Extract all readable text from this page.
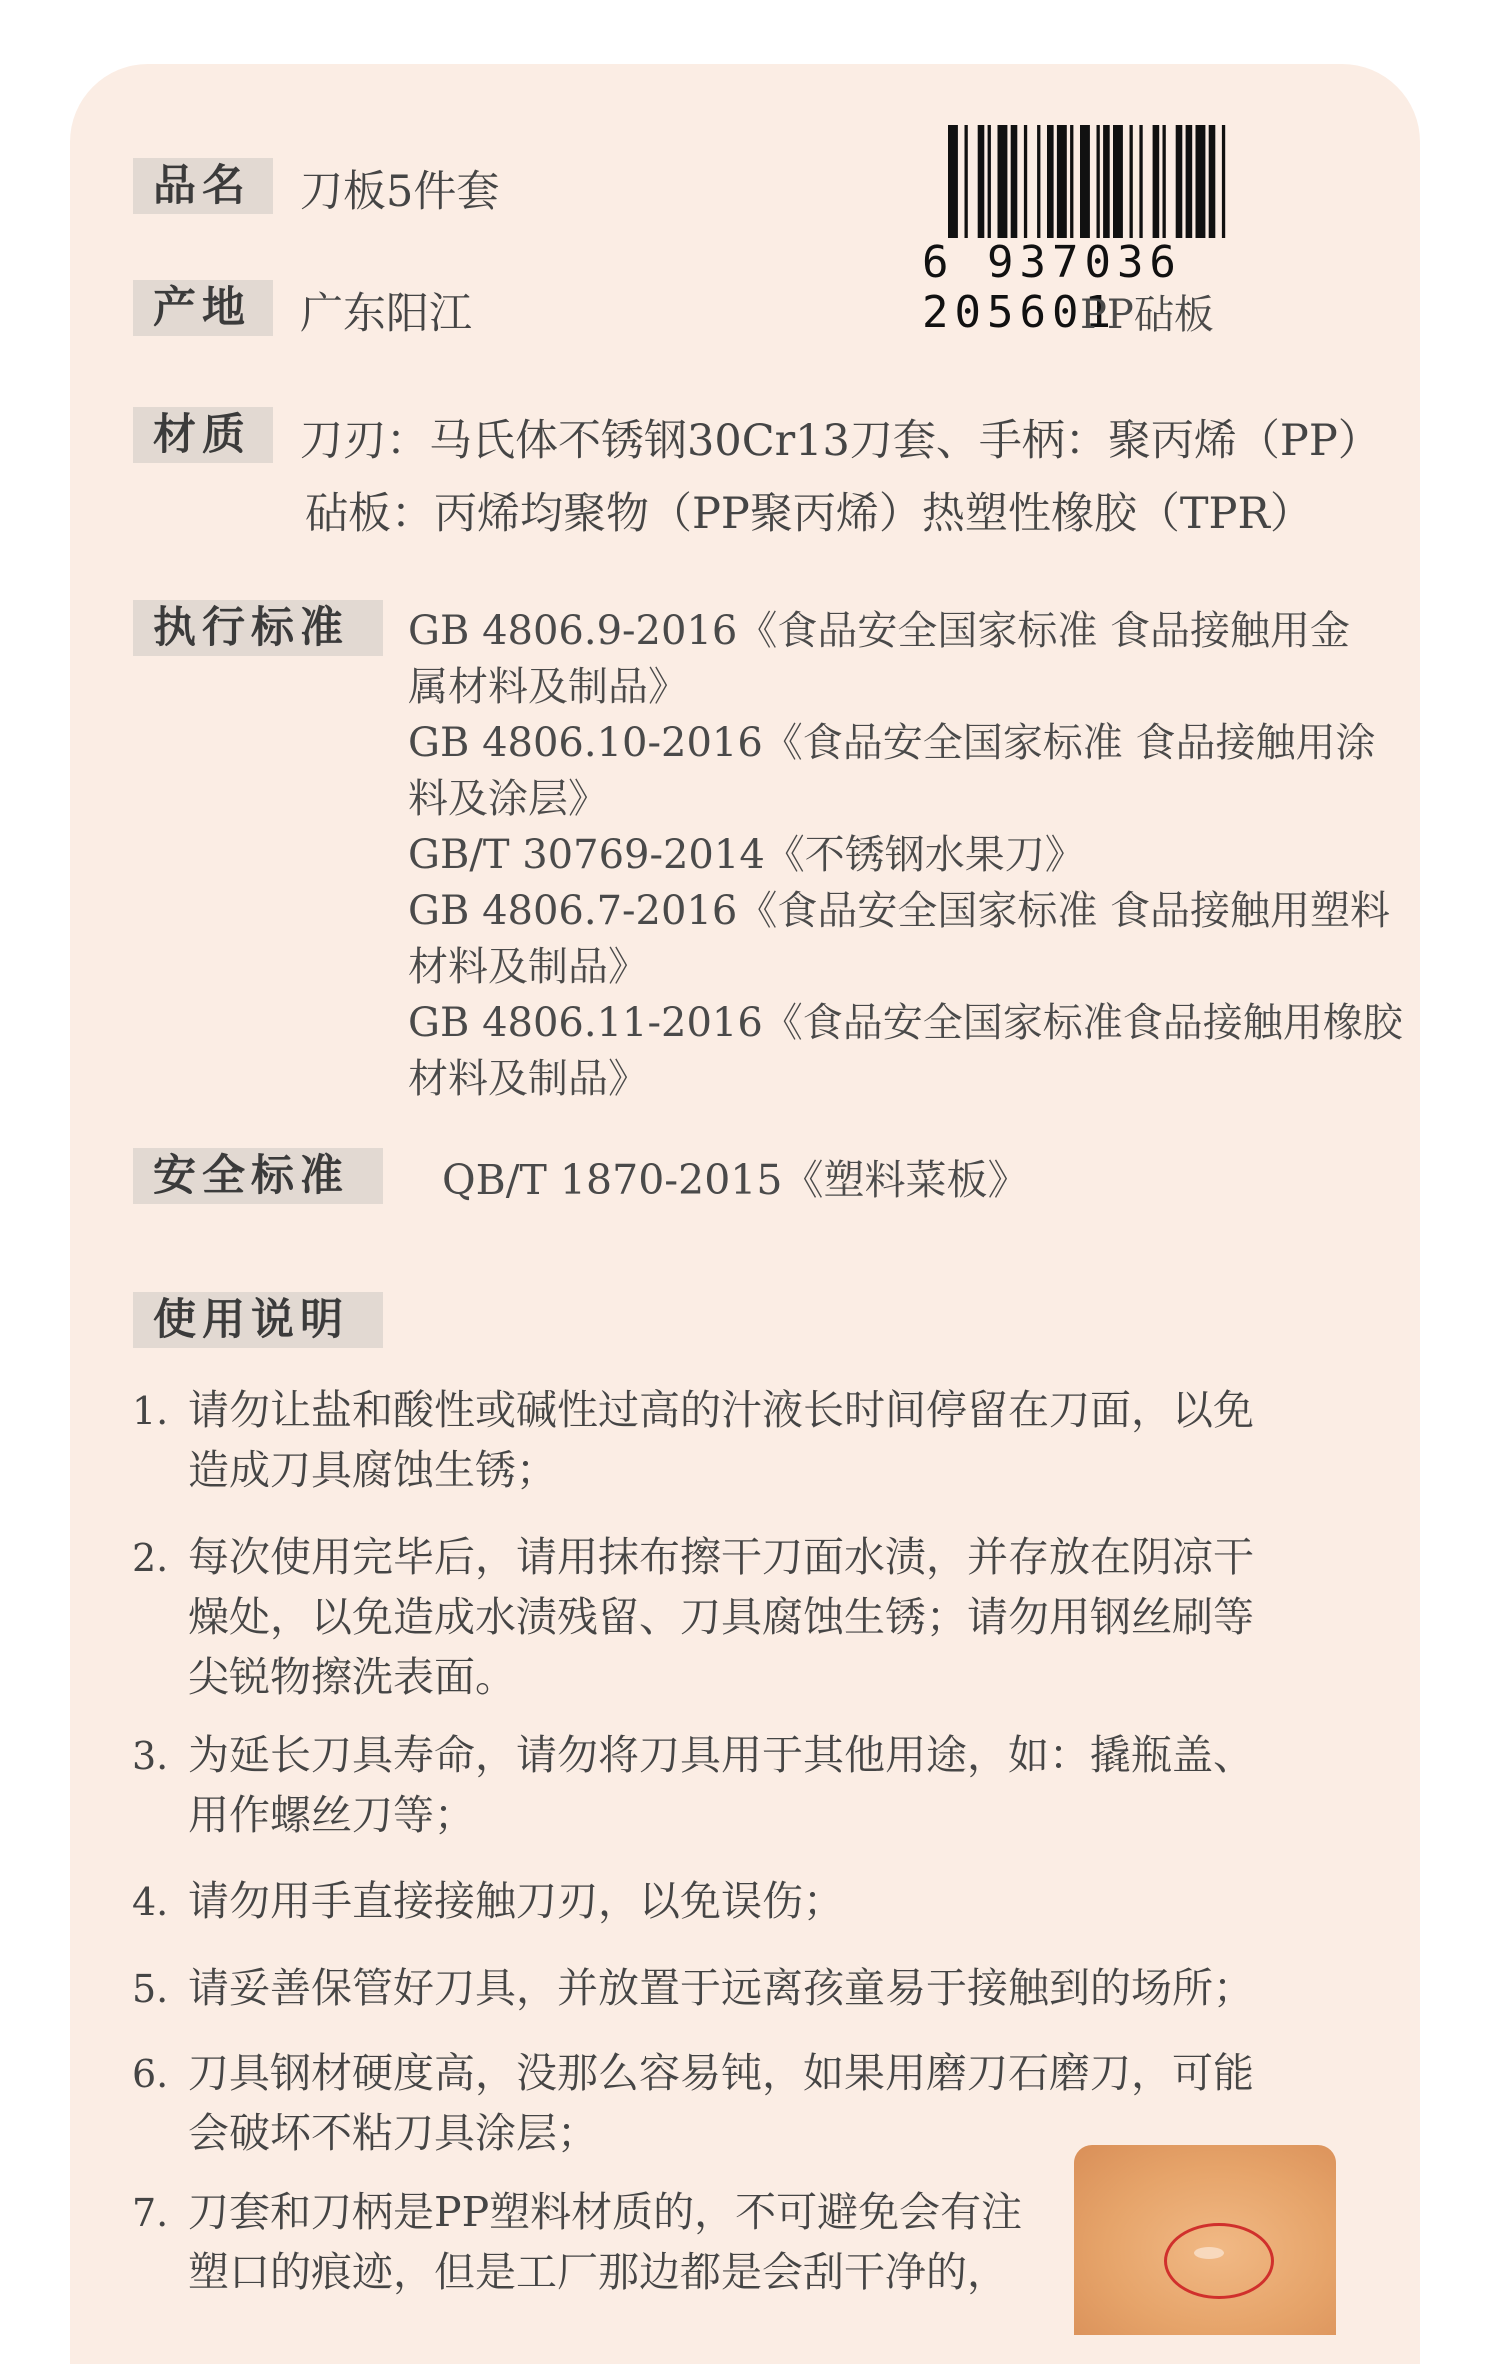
品名	刀板5件套
产地	广东阳江
6 937036 205601
PP砧板
材质	刀刃：马氏体不锈钢30Cr13刀套、手柄：聚丙烯（PP）
砧板：丙烯均聚物（PP聚丙烯）热塑性橡胶（TPR）
执行标准	GB 4806.9-2016《食品安全国家标准 食品接触用金
属材料及制品》
GB 4806.10-2016《食品安全国家标准 食品接触用涂
料及涂层》
GB/T 30769-2014《不锈钢水果刀》
GB 4806.7-2016《食品安全国家标准 食品接触用塑料
材料及制品》
GB 4806.11-2016《食品安全国家标准食品接触用橡胶
材料及制品》
安全标准	QB/T 1870-2015《塑料菜板》
使用说明
1. 请勿让盐和酸性或碱性过高的汁液长时间停留在刀面，以免
造成刀具腐蚀生锈；
2. 每次使用完毕后，请用抹布擦干刀面水渍，并存放在阴凉干
燥处，以免造成水渍残留、刀具腐蚀生锈；请勿用钢丝刷等
尖锐物擦洗表面。
3. 为延长刀具寿命，请勿将刀具用于其他用途，如：撬瓶盖、
用作螺丝刀等；
4. 请勿用手直接接触刀刃，以免误伤；
5. 请妥善保管好刀具，并放置于远离孩童易于接触到的场所；
6. 刀具钢材硬度高，没那么容易钝，如果用磨刀石磨刀，可能
会破坏不粘刀具涂层；
7. 刀套和刀柄是PP塑料材质的，不可避免会有注
塑口的痕迹，但是工厂那边都是会刮干净的，
